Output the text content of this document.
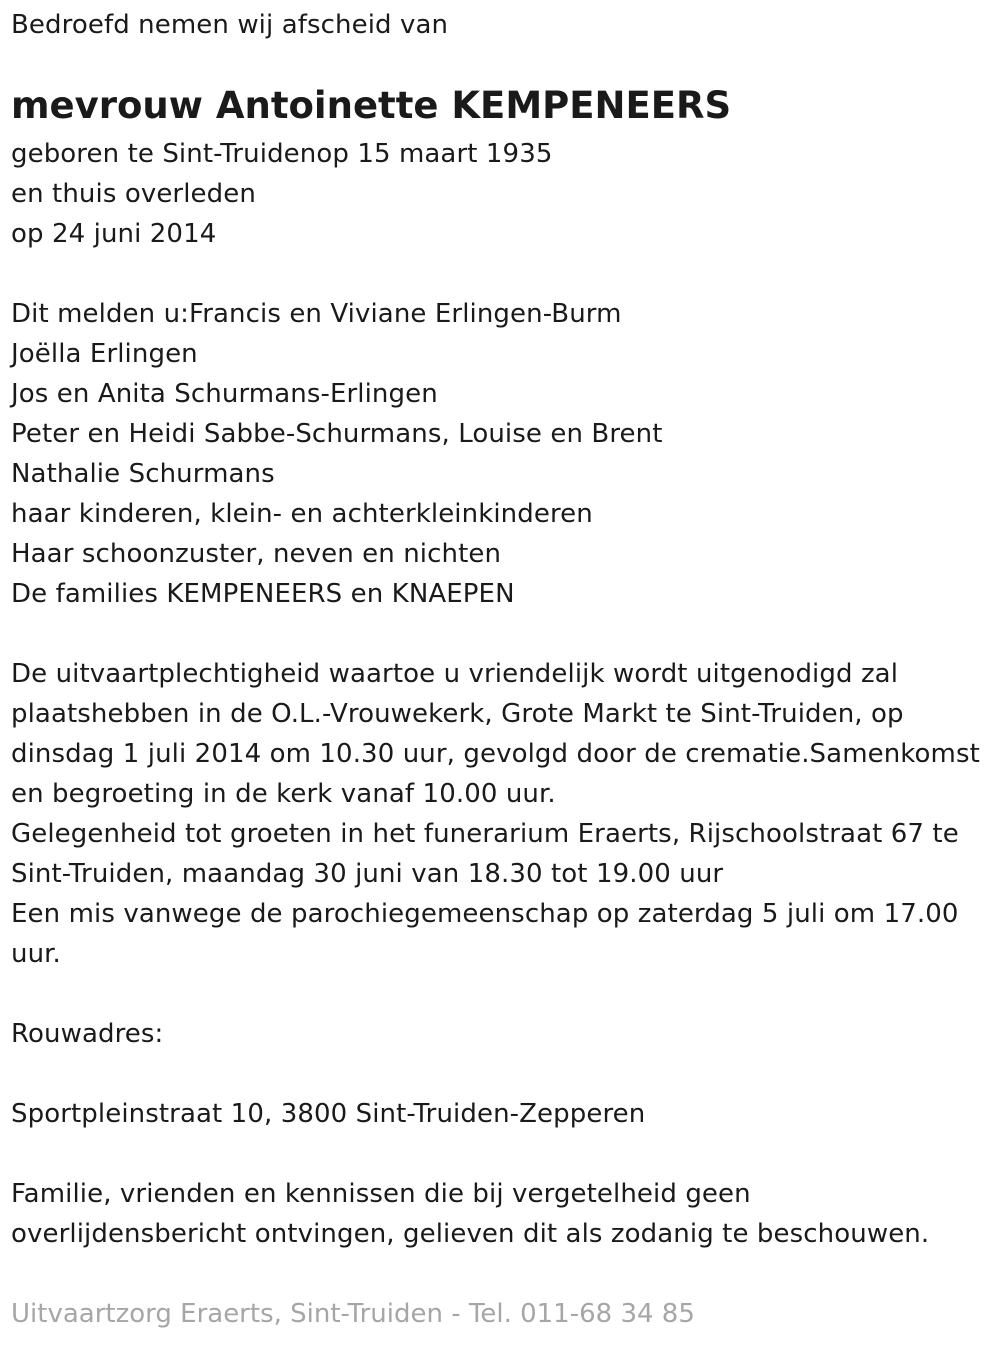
Bedroefd nemen wij afscheid van
mevrouw Antoinette KEMPENEERS
geboren te Sint-Truidenop 15 maart 1935
en thuis overleden
op 24 juni 2014
Dit melden u:Francis en Viviane Erlingen-Burm
Joëlla Erlingen
Jos en Anita Schurmans-Erlingen
Peter en Heidi Sabbe-Schurmans, Louise en Brent
Nathalie Schurmans
haar kinderen, klein- en achterkleinkinderen
Haar schoonzuster, neven en nichten
De families KEMPENEERS en KNAEPEN
De uitvaartplechtigheid waartoe u vriendelijk wordt uitgenodigd zal
plaatshebben in de O.L.-Vrouwekerk, Grote Markt te Sint-Truiden, op
dinsdag 1 juli 2014 om 10.30 uur, gevolgd door de crematie.Samenkomst
en begroeting in de kerk vanaf 10.00 uur.
Gelegenheid tot groeten in het funerarium Eraerts, Rijschoolstraat 67 te
Sint-Truiden, maandag 30 juni van 18.30 tot 19.00 uur
Een mis vanwege de parochiegemeenschap op zaterdag 5 juli om 17.00
uur.
Rouwadres:
Sportpleinstraat 10, 3800 Sint-Truiden-Zepperen
Familie, vrienden en kennissen die bij vergetelheid geen
overlijdensbericht ontvingen, gelieven dit als zodanig te beschouwen.
Uitvaartzorg Eraerts, Sint-Truiden - Tel. 011-68 34 85
